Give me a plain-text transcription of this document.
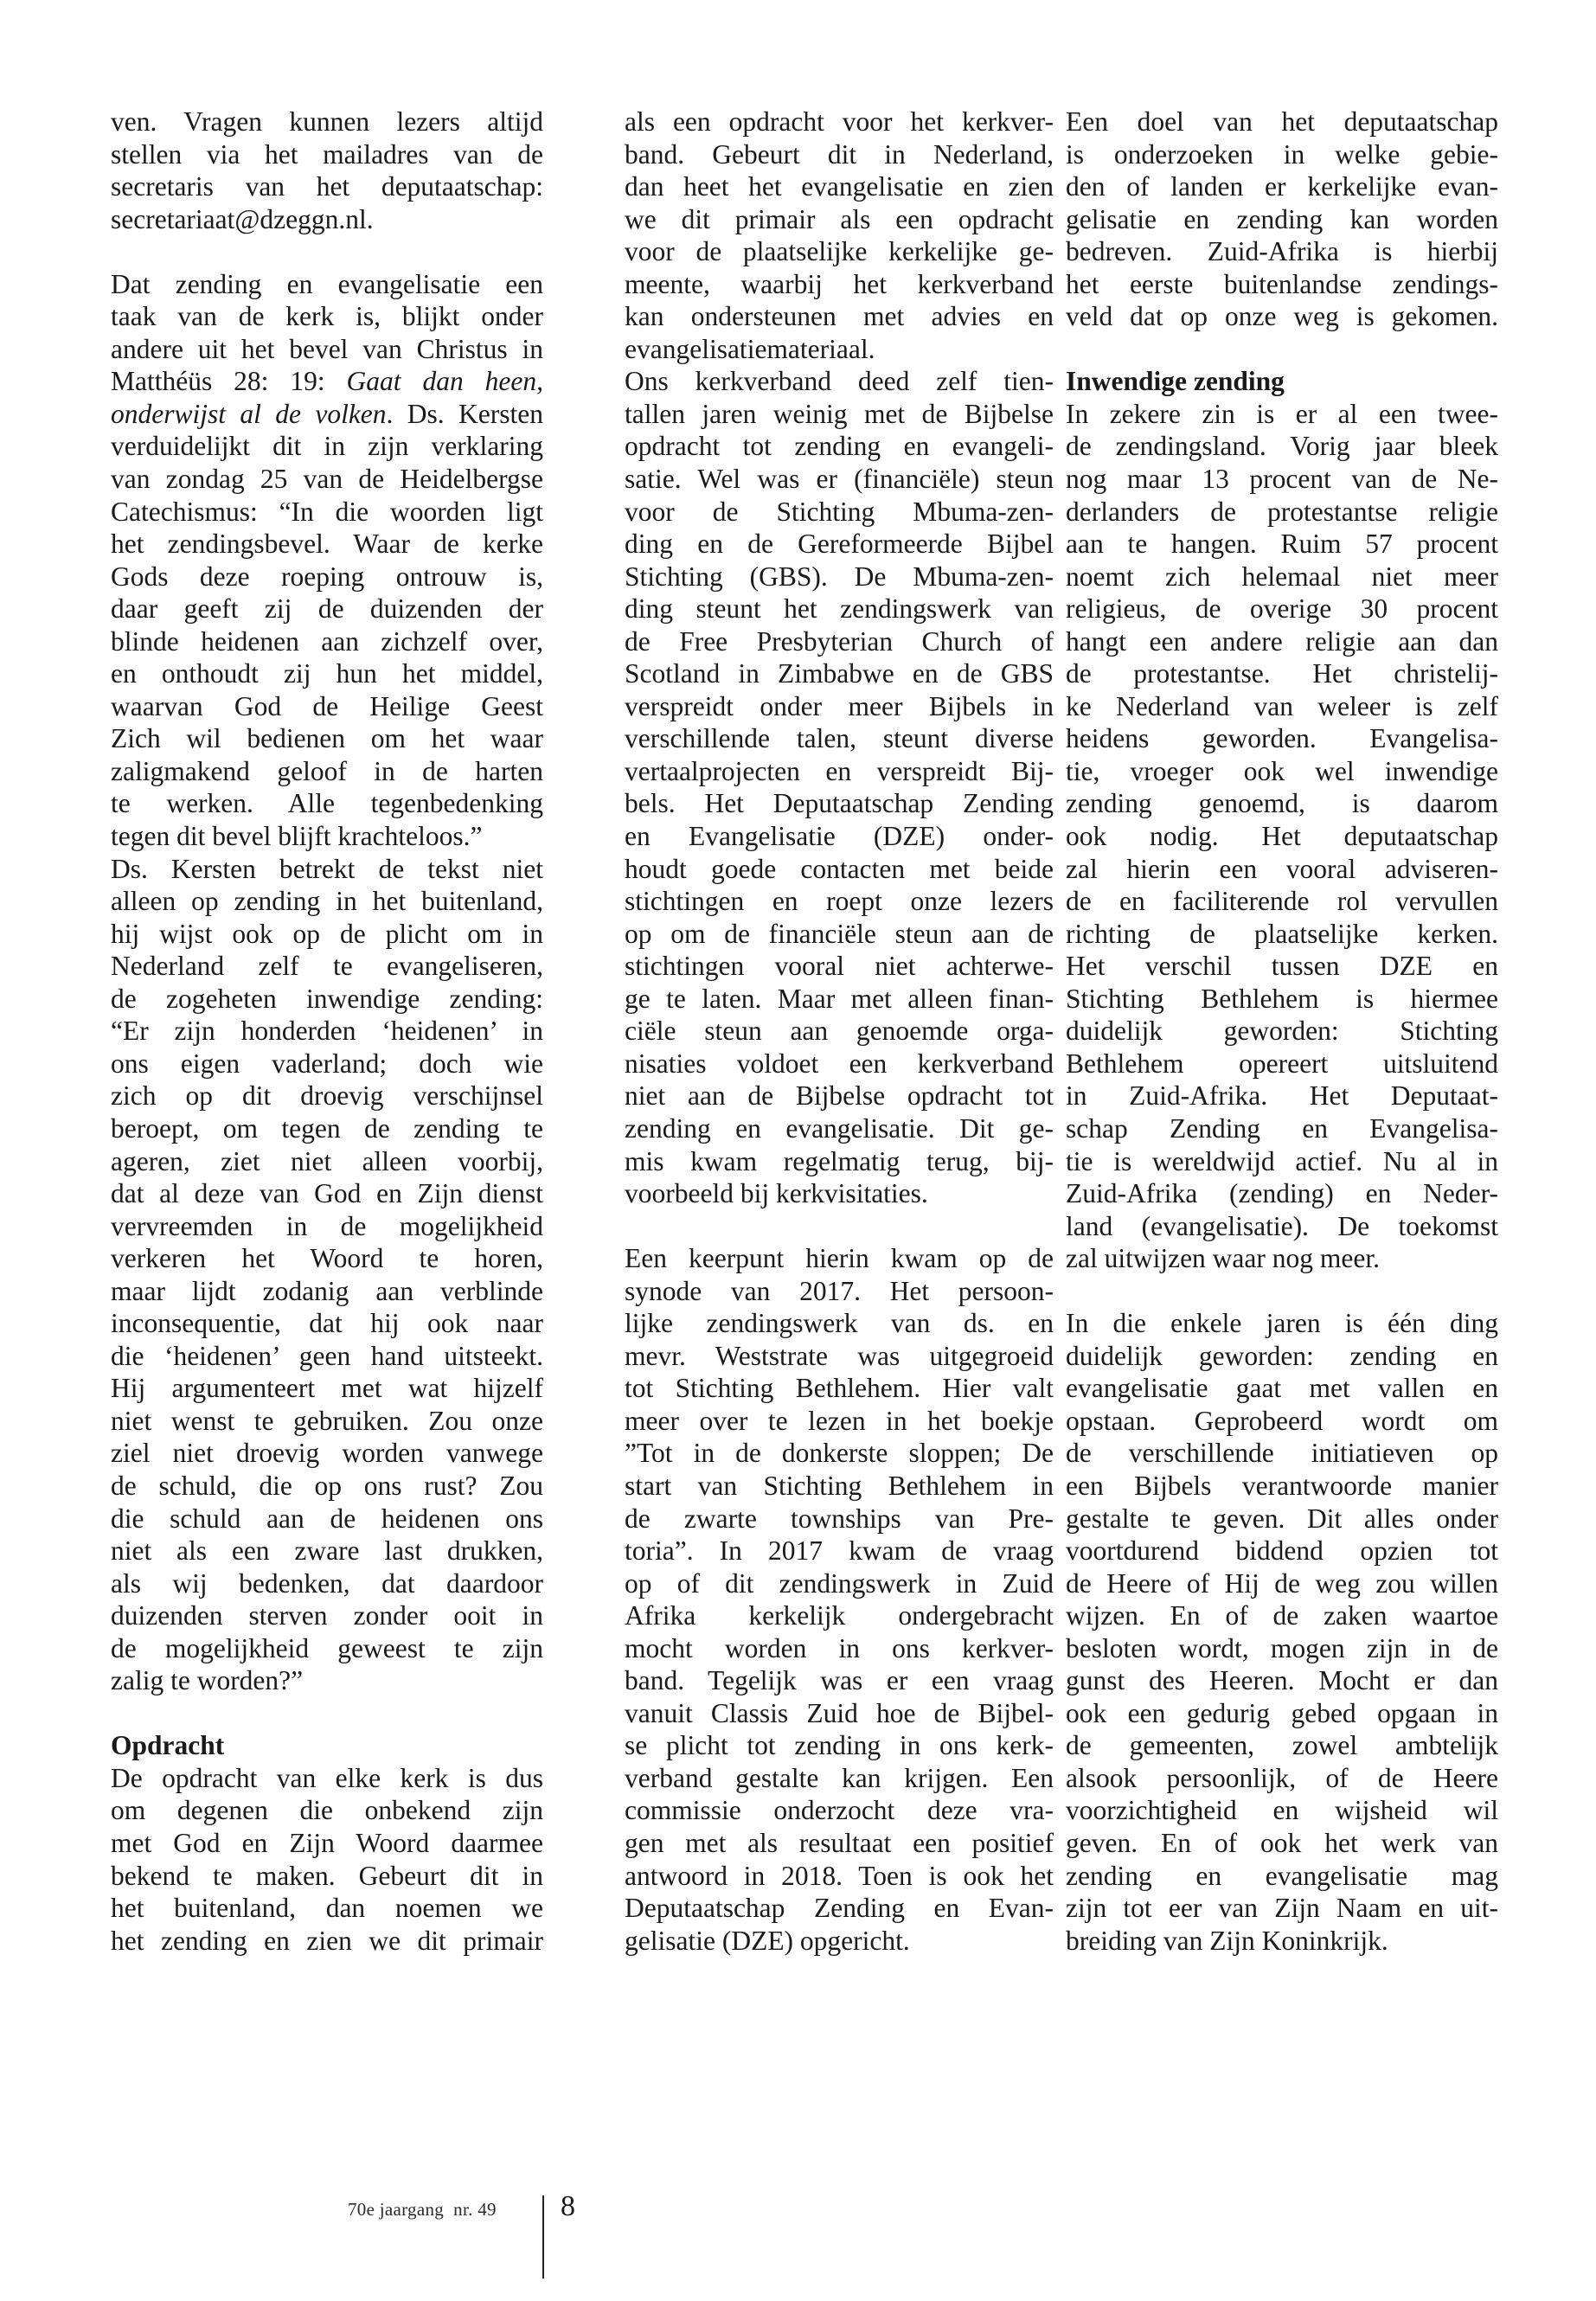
ven. Vragen kunnen lezers altijd
stellen via het mailadres van de
secretaris van het deputaatschap:
secretariaat@dzeggn.nl.
Dat zending en evangelisatie een
taak van de kerk is, blijkt onder
andere uit het bevel van Christus in
Matthéüs 28: 19: Gaat dan heen,
onderwijst al de volken. Ds. Kersten
verduidelijkt dit in zijn verklaring
van zondag 25 van de Heidelbergse
Catechismus: “In die woorden ligt
het zendingsbevel. Waar de kerke
Gods deze roeping ontrouw is,
daar geeft zij de duizenden der
blinde heidenen aan zichzelf over,
en onthoudt zij hun het middel,
waarvan God de Heilige Geest
Zich wil bedienen om het waar
zaligmakend geloof in de harten
te werken. Alle tegenbedenking
tegen dit bevel blijft krachteloos.”
Ds. Kersten betrekt de tekst niet
alleen op zending in het buitenland,
hij wijst ook op de plicht om in
Nederland zelf te evangeliseren,
de zogeheten inwendige zending:
“Er zijn honderden ‘heidenen’ in
ons eigen vaderland; doch wie
zich op dit droevig verschijnsel
beroept, om tegen de zending te
ageren, ziet niet alleen voorbij,
dat al deze van God en Zijn dienst
vervreemden in de mogelijkheid
verkeren het Woord te horen,
maar lijdt zodanig aan verblinde
inconsequentie, dat hij ook naar
die ‘heidenen’ geen hand uitsteekt.
Hij argumenteert met wat hijzelf
niet wenst te gebruiken. Zou onze
ziel niet droevig worden vanwege
de schuld, die op ons rust? Zou
die schuld aan de heidenen ons
niet als een zware last drukken,
als wij bedenken, dat daardoor
duizenden sterven zonder ooit in
de mogelijkheid geweest te zijn
zalig te worden?”
Opdracht
De opdracht van elke kerk is dus
om degenen die onbekend zijn
met God en Zijn Woord daarmee
bekend te maken. Gebeurt dit in
het buitenland, dan noemen we
het zending en zien we dit primair
als een opdracht voor het kerkver-
band. Gebeurt dit in Nederland,
dan heet het evangelisatie en zien
we dit primair als een opdracht
voor de plaatselijke kerkelijke ge-
meente, waarbij het kerkverband
kan ondersteunen met advies en
evangelisatiemateriaal.
Ons kerkverband deed zelf tien-
tallen jaren weinig met de Bijbelse
opdracht tot zending en evangeli-
satie. Wel was er (financiële) steun
voor de Stichting Mbuma-zen-
ding en de Gereformeerde Bijbel
Stichting (GBS). De Mbuma-zen-
ding steunt het zendingswerk van
de Free Presbyterian Church of
Scotland in Zimbabwe en de GBS
verspreidt onder meer Bijbels in
verschillende talen, steunt diverse
vertaalprojecten en verspreidt Bij-
bels. Het Deputaatschap Zending
en Evangelisatie (DZE) onder-
houdt goede contacten met beide
stichtingen en roept onze lezers
op om de financiële steun aan de
stichtingen vooral niet achterwe-
ge te laten. Maar met alleen finan-
ciële steun aan genoemde orga-
nisaties voldoet een kerkverband
niet aan de Bijbelse opdracht tot
zending en evangelisatie. Dit ge-
mis kwam regelmatig terug, bij-
voorbeeld bij kerkvisitaties.
Een keerpunt hierin kwam op de
synode van 2017. Het persoon-
lijke zendingswerk van ds. en
mevr. Weststrate was uitgegroeid
tot Stichting Bethlehem. Hier valt
meer over te lezen in het boekje
”Tot in de donkerste sloppen; De
start van Stichting Bethlehem in
de zwarte townships van Pre-
toria”. In 2017 kwam de vraag
op of dit zendingswerk in Zuid
Afrika kerkelijk ondergebracht
mocht worden in ons kerkver-
band. Tegelijk was er een vraag
vanuit Classis Zuid hoe de Bijbel-
se plicht tot zending in ons kerk-
verband gestalte kan krijgen. Een
commissie onderzocht deze vra-
gen met als resultaat een positief
antwoord in 2018. Toen is ook het
Deputaatschap Zending en Evan-
gelisatie (DZE) opgericht.
Een doel van het deputaatschap
is onderzoeken in welke gebie-
den of landen er kerkelijke evan-
gelisatie en zending kan worden
bedreven. Zuid-Afrika is hierbij
het eerste buitenlandse zendings-
veld dat op onze weg is gekomen.
Inwendige zending
In zekere zin is er al een twee-
de zendingsland. Vorig jaar bleek
nog maar 13 procent van de Ne-
derlanders de protestantse religie
aan te hangen. Ruim 57 procent
noemt zich helemaal niet meer
religieus, de overige 30 procent
hangt een andere religie aan dan
de protestantse. Het christelij-
ke Nederland van weleer is zelf
heidens geworden. Evangelisa-
tie, vroeger ook wel inwendige
zending genoemd, is daarom
ook nodig. Het deputaatschap
zal hierin een vooral adviseren-
de en faciliterende rol vervullen
richting de plaatselijke kerken.
Het verschil tussen DZE en
Stichting Bethlehem is hiermee
duidelijk geworden: Stichting
Bethlehem opereert uitsluitend
in Zuid-Afrika. Het Deputaat-
schap Zending en Evangelisa-
tie is wereldwijd actief. Nu al in
Zuid-Afrika (zending) en Neder-
land (evangelisatie). De toekomst
zal uitwijzen waar nog meer.
In die enkele jaren is één ding
duidelijk geworden: zending en
evangelisatie gaat met vallen en
opstaan. Geprobeerd wordt om
de verschillende initiatieven op
een Bijbels verantwoorde manier
gestalte te geven. Dit alles onder
voortdurend biddend opzien tot
de Heere of Hij de weg zou willen
wijzen. En of de zaken waartoe
besloten wordt, mogen zijn in de
gunst des Heeren. Mocht er dan
ook een gedurig gebed opgaan in
de gemeenten, zowel ambtelijk
alsook persoonlijk, of de Heere
voorzichtigheid en wijsheid wil
geven. En of ook het werk van
zending en evangelisatie mag
zijn tot eer van Zijn Naam en uit-
breiding van Zijn Koninkrijk.
70e jaargang  nr. 49 8
